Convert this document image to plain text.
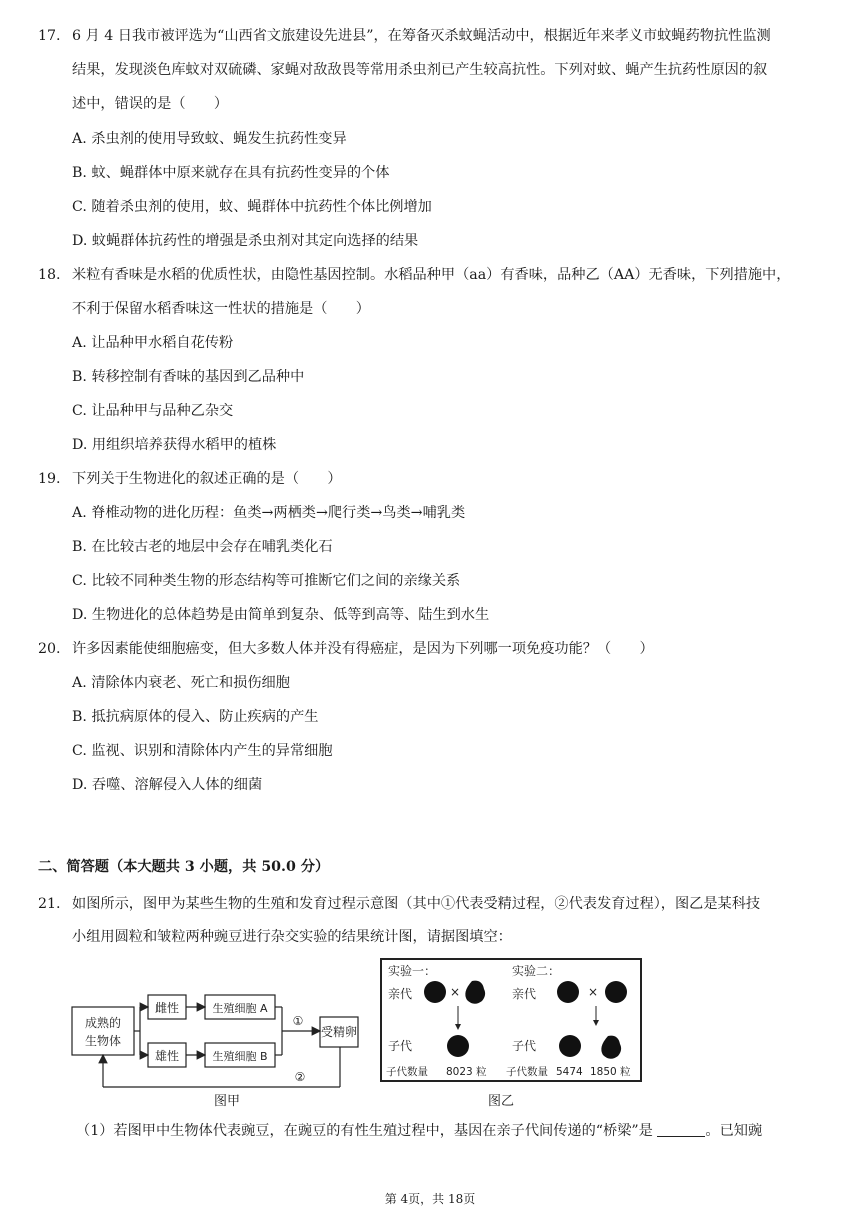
17. 6 月 4 日我市被评选为“山西省文旅建设先进县”，在筹备灭杀蚊蝇活动中，根据近年来孝义市蚊蝇药物抗性监测
结果，发现淡色库蚊对双硫磷、家蝇对敌敌畏等常用杀虫剂已产生较高抗性。下列对蚊、蝇产生抗药性原因的叙
述中，错误的是（　　）
A. 杀虫剂的使用导致蚊、蝇发生抗药性变异
B. 蚊、蝇群体中原来就存在具有抗药性变异的个体
C. 随着杀虫剂的使用，蚊、蝇群体中抗药性个体比例增加
D. 蚊蝇群体抗药性的增强是杀虫剂对其定向选择的结果
18. 米粒有香味是水稻的优质性状，由隐性基因控制。水稻品种甲（aa）有香味，品种乙（AA）无香味，下列措施中，
不利于保留水稻香味这一性状的措施是（　　）
A. 让品种甲水稻自花传粉
B. 转移控制有香味的基因到乙品种中
C. 让品种甲与品种乙杂交
D. 用组织培养获得水稻甲的植株
19. 下列关于生物进化的叙述正确的是（　　）
A. 脊椎动物的进化历程：鱼类→两栖类→爬行类→鸟类→哺乳类
B. 在比较古老的地层中会存在哺乳类化石
C. 比较不同种类生物的形态结构等可推断它们之间的亲缘关系
D. 生物进化的总体趋势是由简单到复杂、低等到高等、陆生到水生
20. 许多因素能使细胞癌变，但大多数人体并没有得癌症，是因为下列哪一项免疫功能？（　　）
A. 清除体内衰老、死亡和损伤细胞
B. 抵抗病原体的侵入、防止疾病的产生
C. 监视、识别和清除体内产生的异常细胞
D. 吞噬、溶解侵入人体的细菌
二、简答题（本大题共 3 小题，共 50.0 分）
21. 如图所示，图甲为某些生物的生殖和发育过程示意图（其中①代表受精过程，②代表发育过程），图乙是某科技
小组用圆粒和皱粒两种豌豆进行杂交实验的结果统计图，请据图填空：
成熟的
生物体
雌性
雄性
生殖细胞 A
生殖细胞 B
受精卵
①
②
图甲
实验一：	实验二：
亲代	亲代
×	×
子代	子代
子代数量 8023 粒 子代数量 5474 1850 粒
图乙
（1）若图甲中生物体代表豌豆，在豌豆的有性生殖过程中，基因在亲子代间传递的“桥梁”是	。已知豌
第 4页，共 18页
